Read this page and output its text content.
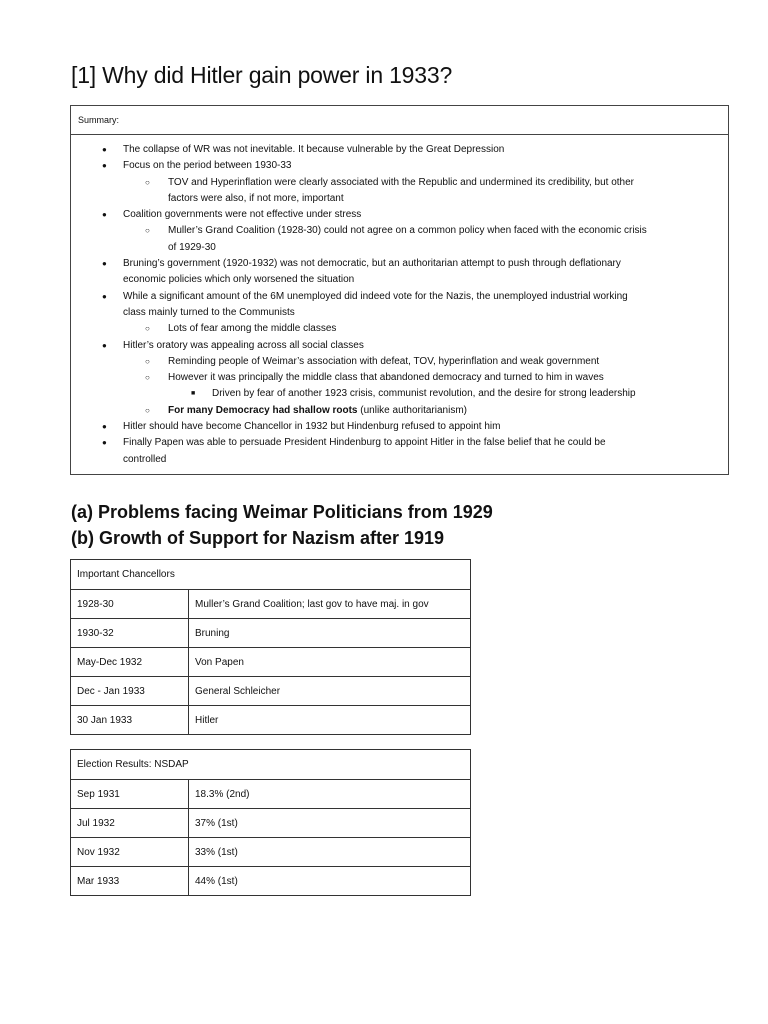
[1] Why did Hitler gain power in 1933?
Summary:
● The collapse of WR was not inevitable. It because vulnerable by the Great Depression
● Focus on the period between 1930-33
○ TOV and Hyperinflation were clearly associated with the Republic and undermined its credibility, but other
factors were also, if not more, important
● Coalition governments were not effective under stress
○ Muller’s Grand Coalition (1928-30) could not agree on a common policy when faced with the economic crisis
of 1929-30
● Bruning’s government (1920-1932) was not democratic, but an authoritarian attempt to push through deflationary
economic policies which only worsened the situation
● While a significant amount of the 6M unemployed did indeed vote for the Nazis, the unemployed industrial working
class mainly turned to the Communists
○ Lots of fear among the middle classes
● Hitler’s oratory was appealing across all social classes
○ Reminding people of Weimar’s association with defeat, TOV, hyperinflation and weak government
○ However it was principally the middle class that abandoned democracy and turned to him in waves
■ Driven by fear of another 1923 crisis, communist revolution, and the desire for strong leadership
○ For many Democracy had shallow roots (unlike authoritarianism)
● Hitler should have become Chancellor in 1932 but Hindenburg refused to appoint him
● Finally Papen was able to persuade President Hindenburg to appoint Hitler in the false belief that he could be
controlled
(a) Problems facing Weimar Politicians from 1929
(b) Growth of Support for Nazism after 1919
Important Chancellors	
1928-30	Muller’s Grand Coalition; last gov to have maj. in gov
1930-32	Bruning
May-Dec 1932	Von Papen
Dec - Jan 1933	General Schleicher
30 Jan 1933	Hitler
Election Results: NSDAP	
Sep 1931	18.3% (2nd)
Jul 1932	37% (1st)
Nov 1932	33% (1st)
Mar 1933	44% (1st)
